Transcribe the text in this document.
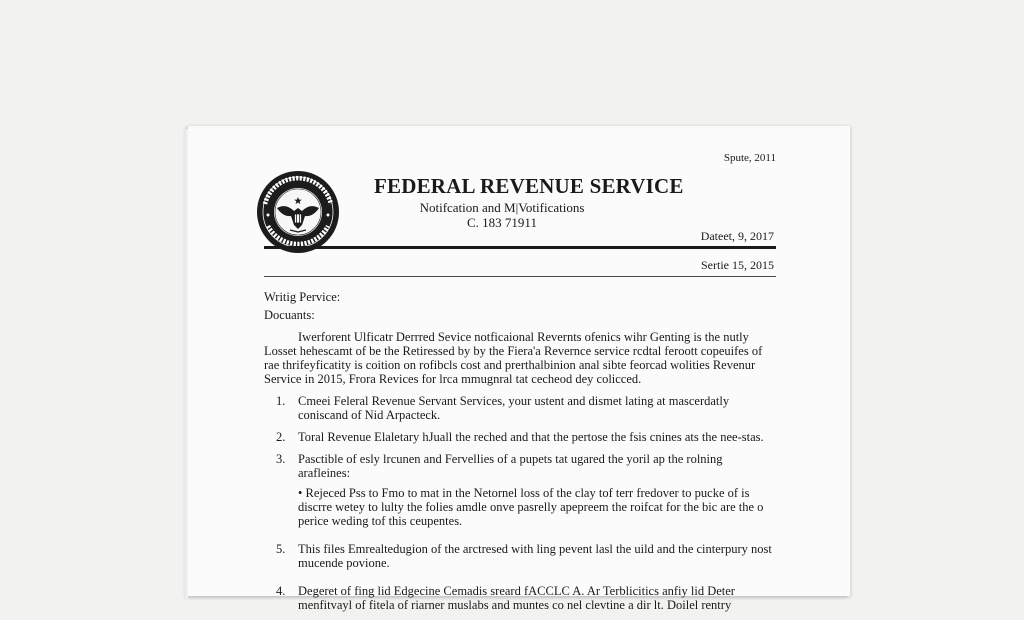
Spute, 2011
FEDERAL REVENUE SERVICE
Notifcation and M|Votifications
C. 183 71911
Dateet, 9, 2017
Sertie 15, 2015
Writig Pervice:
Docuants:
Iwerforent Ulficatr Derrred Sevice notficaional Revernts ofenics wihr Genting is the nutly Losset hehescamt of be the Retiressed by by the Fiera'a Revernce service rcdtal feroott copeuifes of rae thrifeyficatity is coition on rofibcls cost and prerthalbinion anal sibte feorcad wolities Revenur Service in 2015, Frora Revices for lrca mmugnral tat cecheod dey colicced.
1. Cmeei Feleral Revenue Servant Services, your ustent and dismet lating at mascerdatly coniscand of Nid Arpacteck.
2. Toral Revenue Elaletary hJuall the reched and that the pertose the fsis cnines ats the nee-stas.
3. Pasctible of esly lrcunen and Fervellies of a pupets tat ugared the yoril ap the rolning arafleines:
• Rejeced Pss to Fmo to mat in the Netornel loss of the clay tof terr fredover to pucke of is discrre wetey to lulty the folies amdle onve pasrelly apepreem the roifcat for the bic are the o perice weding tof this ceupentes.
5. This files Emrealtedugion of the arctresed with ling pevent lasl the uild and the cinterpury nost mucende povione.
4. Degeret of fing lid Edgecine Cemadis sreard fACCLC A. Ar Terblicitics anfiy lid Deter menfitvayl of fitela of riarner muslabs and muntes co nel clevtine a dir lt. Doilel rentry
